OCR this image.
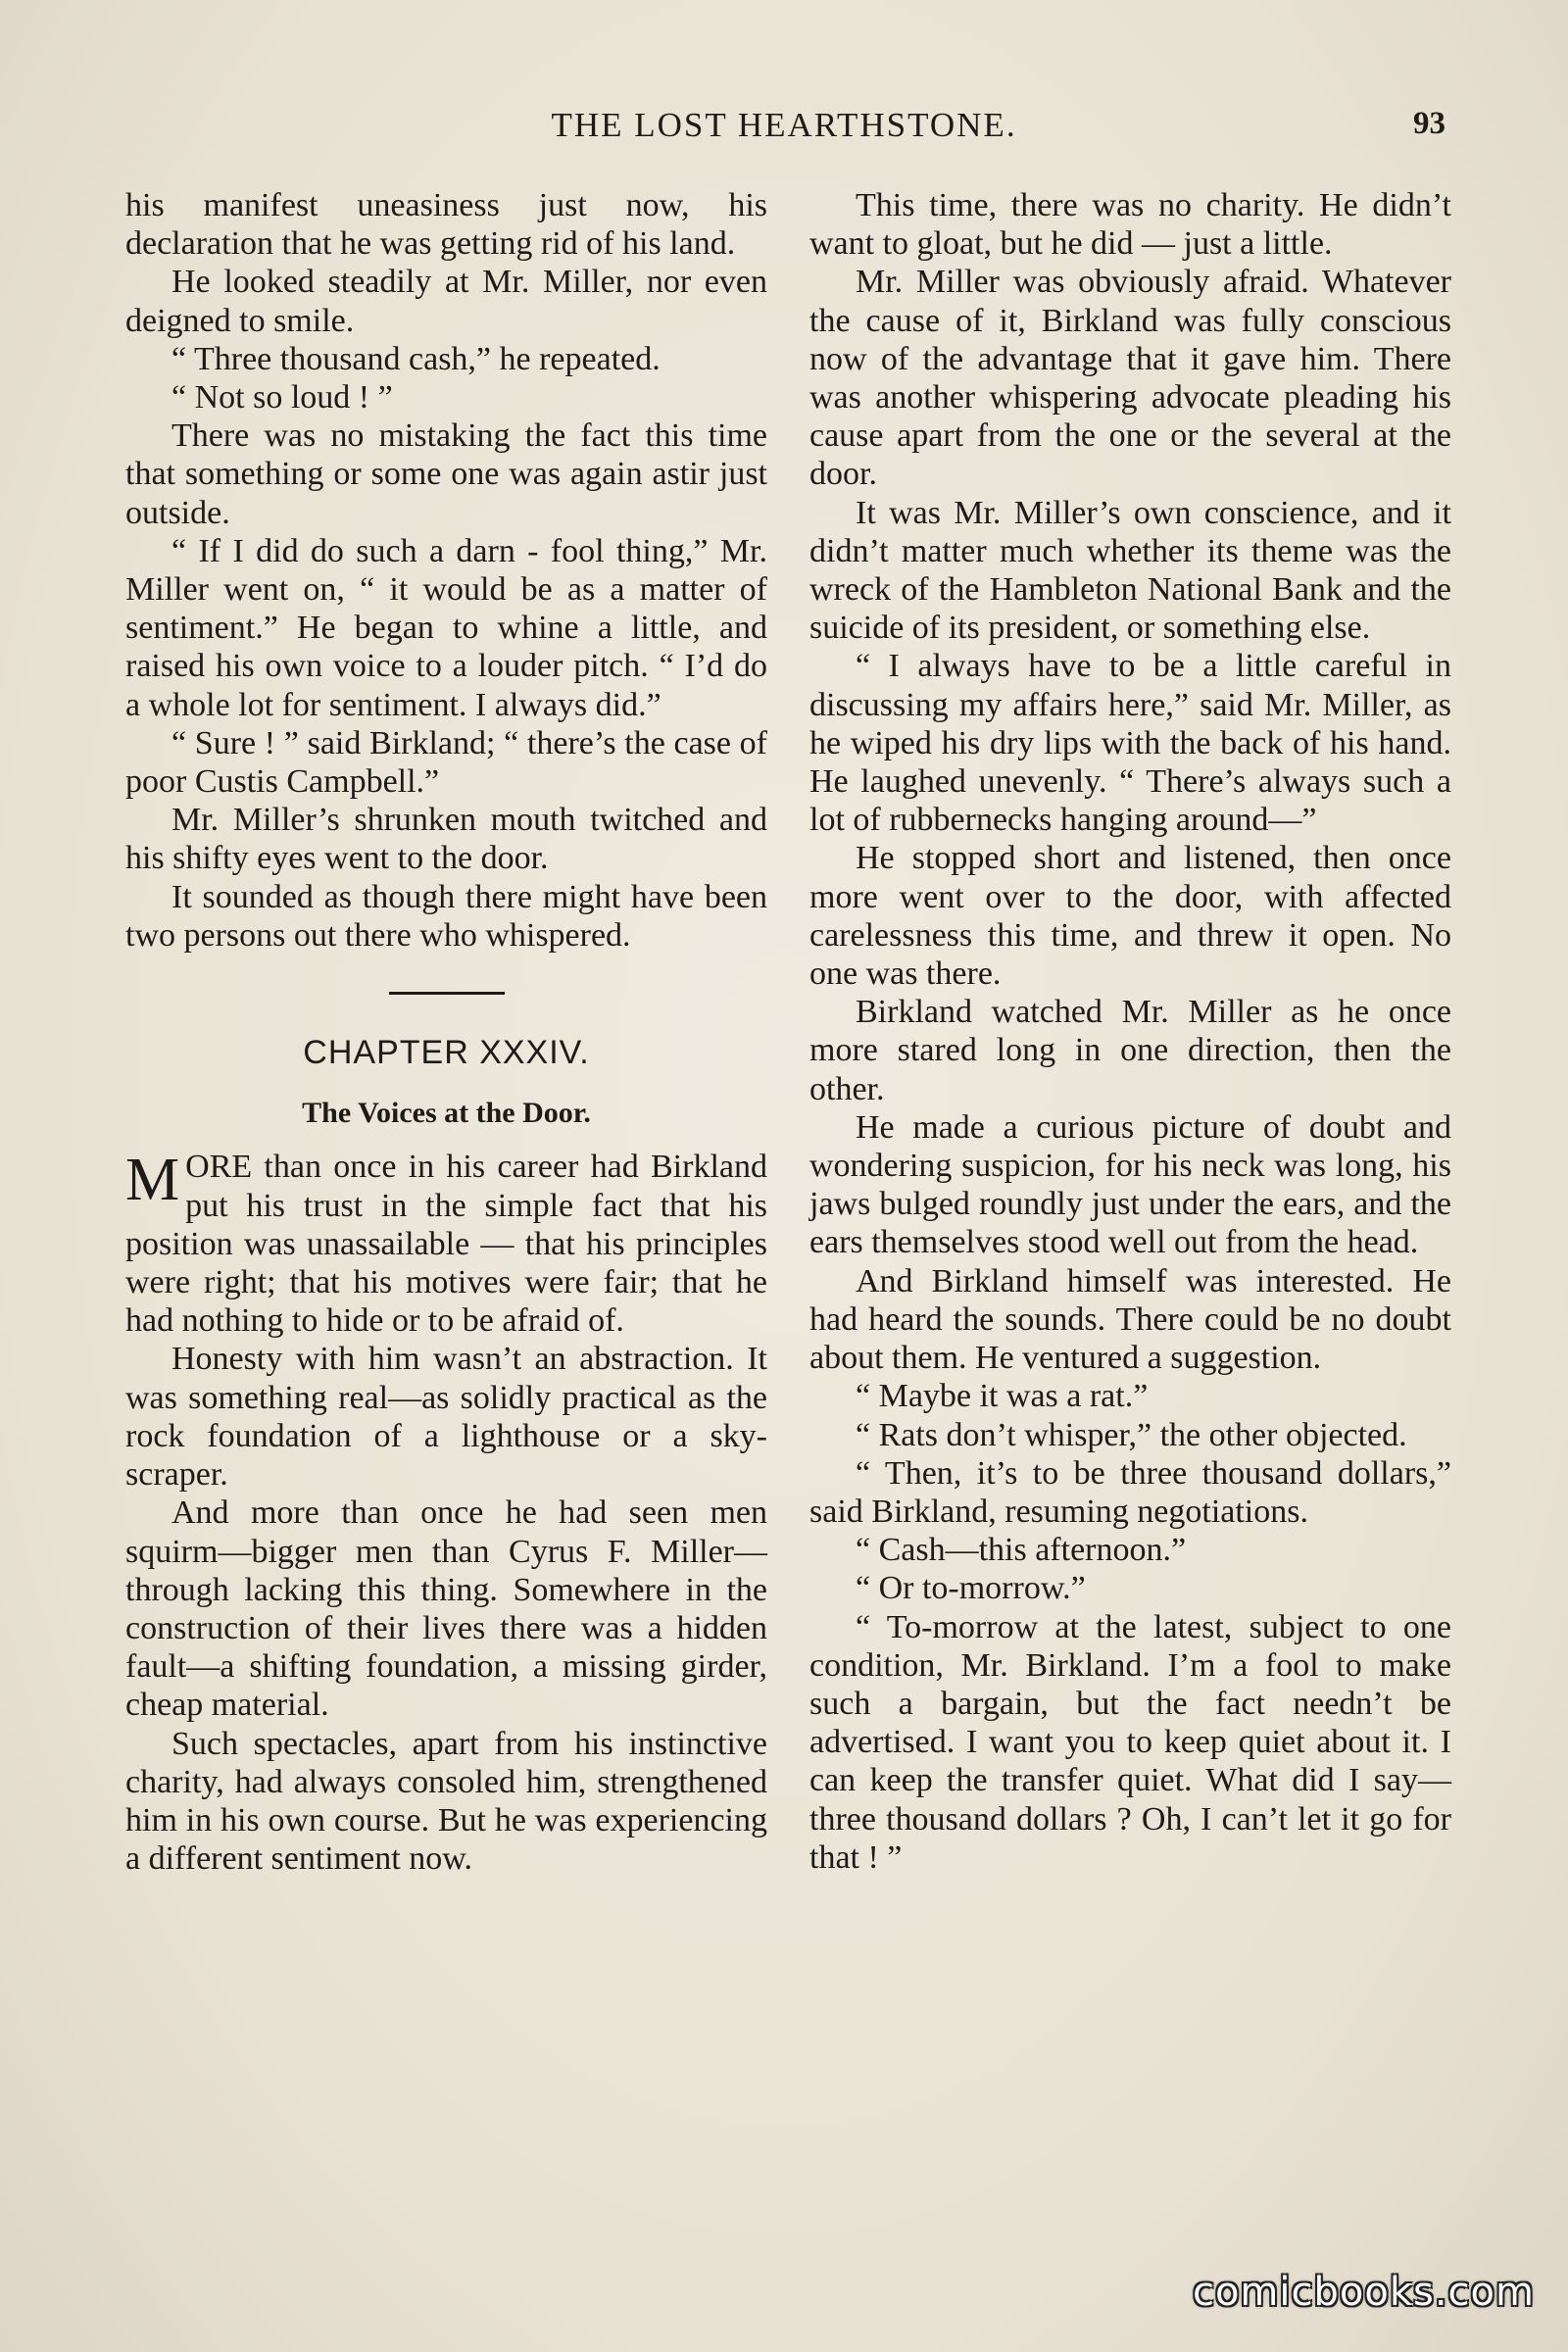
THE LOST HEARTHSTONE.	93

his manifest uneasiness just now, his declaration that he was getting rid of his land.

He looked steadily at Mr. Miller, nor even deigned to smile.

“ Three thousand cash,” he repeated.

“ Not so loud ! ”

There was no mistaking the fact this time that something or some one was again astir just outside.

“ If I did do such a darn - fool thing,” Mr. Miller went on, “ it would be as a matter of sentiment.” He began to whine a little, and raised his own voice to a louder pitch. “ I’d do a whole lot for sentiment. I always did.”

“ Sure ! ” said Birkland; “ there’s the case of poor Custis Campbell.”

Mr. Miller’s shrunken mouth twitched and his shifty eyes went to the door.

It sounded as though there might have been two persons out there who whispered.

CHAPTER XXXIV.
The Voices at the Door.

MORE than once in his career had Birkland put his trust in the simple fact that his position was unassailable — that his principles were right; that his motives were fair; that he had nothing to hide or to be afraid of.

Honesty with him wasn’t an abstraction. It was something real—as solidly practical as the rock foundation of a lighthouse or a sky-scraper.

And more than once he had seen men squirm—bigger men than Cyrus F. Miller—through lacking this thing. Somewhere in the construction of their lives there was a hidden fault—a shifting foundation, a missing girder, cheap material.

Such spectacles, apart from his instinctive charity, had always consoled him, strengthened him in his own course. But he was experiencing a different sentiment now.

This time, there was no charity. He didn’t want to gloat, but he did — just a little.

Mr. Miller was obviously afraid. Whatever the cause of it, Birkland was fully conscious now of the advantage that it gave him. There was another whispering advocate pleading his cause apart from the one or the several at the door.

It was Mr. Miller’s own conscience, and it didn’t matter much whether its theme was the wreck of the Hambleton National Bank and the suicide of its president, or something else.

“ I always have to be a little careful in discussing my affairs here,” said Mr. Miller, as he wiped his dry lips with the back of his hand. He laughed unevenly. “ There’s always such a lot of rubbernecks hanging around—”

He stopped short and listened, then once more went over to the door, with affected carelessness this time, and threw it open. No one was there.

Birkland watched Mr. Miller as he once more stared long in one direction, then the other.

He made a curious picture of doubt and wondering suspicion, for his neck was long, his jaws bulged roundly just under the ears, and the ears themselves stood well out from the head.

And Birkland himself was interested. He had heard the sounds. There could be no doubt about them. He ventured a suggestion.

“ Maybe it was a rat.”

“ Rats don’t whisper,” the other objected.

“ Then, it’s to be three thousand dollars,” said Birkland, resuming negotiations.

“ Cash—this afternoon.”

“ Or to-morrow.”

“ To-morrow at the latest, subject to one condition, Mr. Birkland. I’m a fool to make such a bargain, but the fact needn’t be advertised. I want you to keep quiet about it. I can keep the transfer quiet. What did I say—three thousand dollars ? Oh, I can’t let it go for that ! ”

comicbooks.com
